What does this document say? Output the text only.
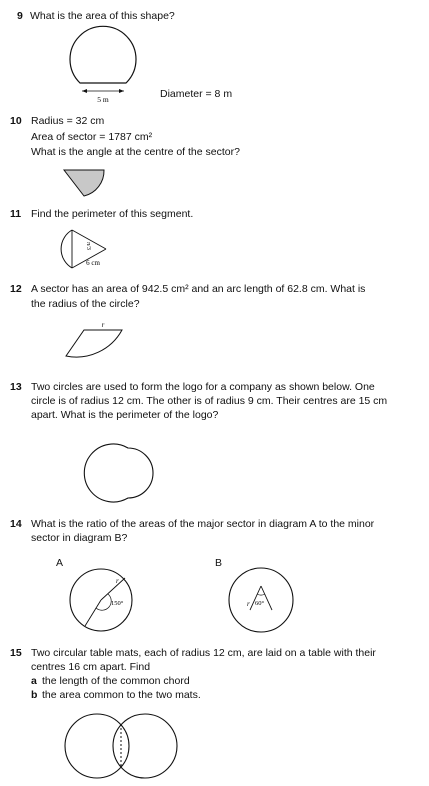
9 What is the area of this shape?
5 m	Diameter = 8 m
10 Radius = 32 cm
Area of sector = 1787 cm²
What is the angle at the centre of the sector?
11 Find the perimeter of this segment.
π/3
6 cm
12 A sector has an area of 942.5 cm² and an arc length of 62.8 cm. What is
the radius of the circle?
r
13 Two circles are used to form the logo for a company as shown below. One
circle is of radius 12 cm. The other is of radius 9 cm. Their centres are 15 cm
apart. What is the perimeter of the logo?
14 What is the ratio of the areas of the major sector in diagram A to the minor
sector in diagram B?
A	B
r
150°	r 60°
15 Two circular table mats, each of radius 12 cm, are laid on a table with their
centres 16 cm apart. Find
a the length of the common chord
b the area common to the two mats.
